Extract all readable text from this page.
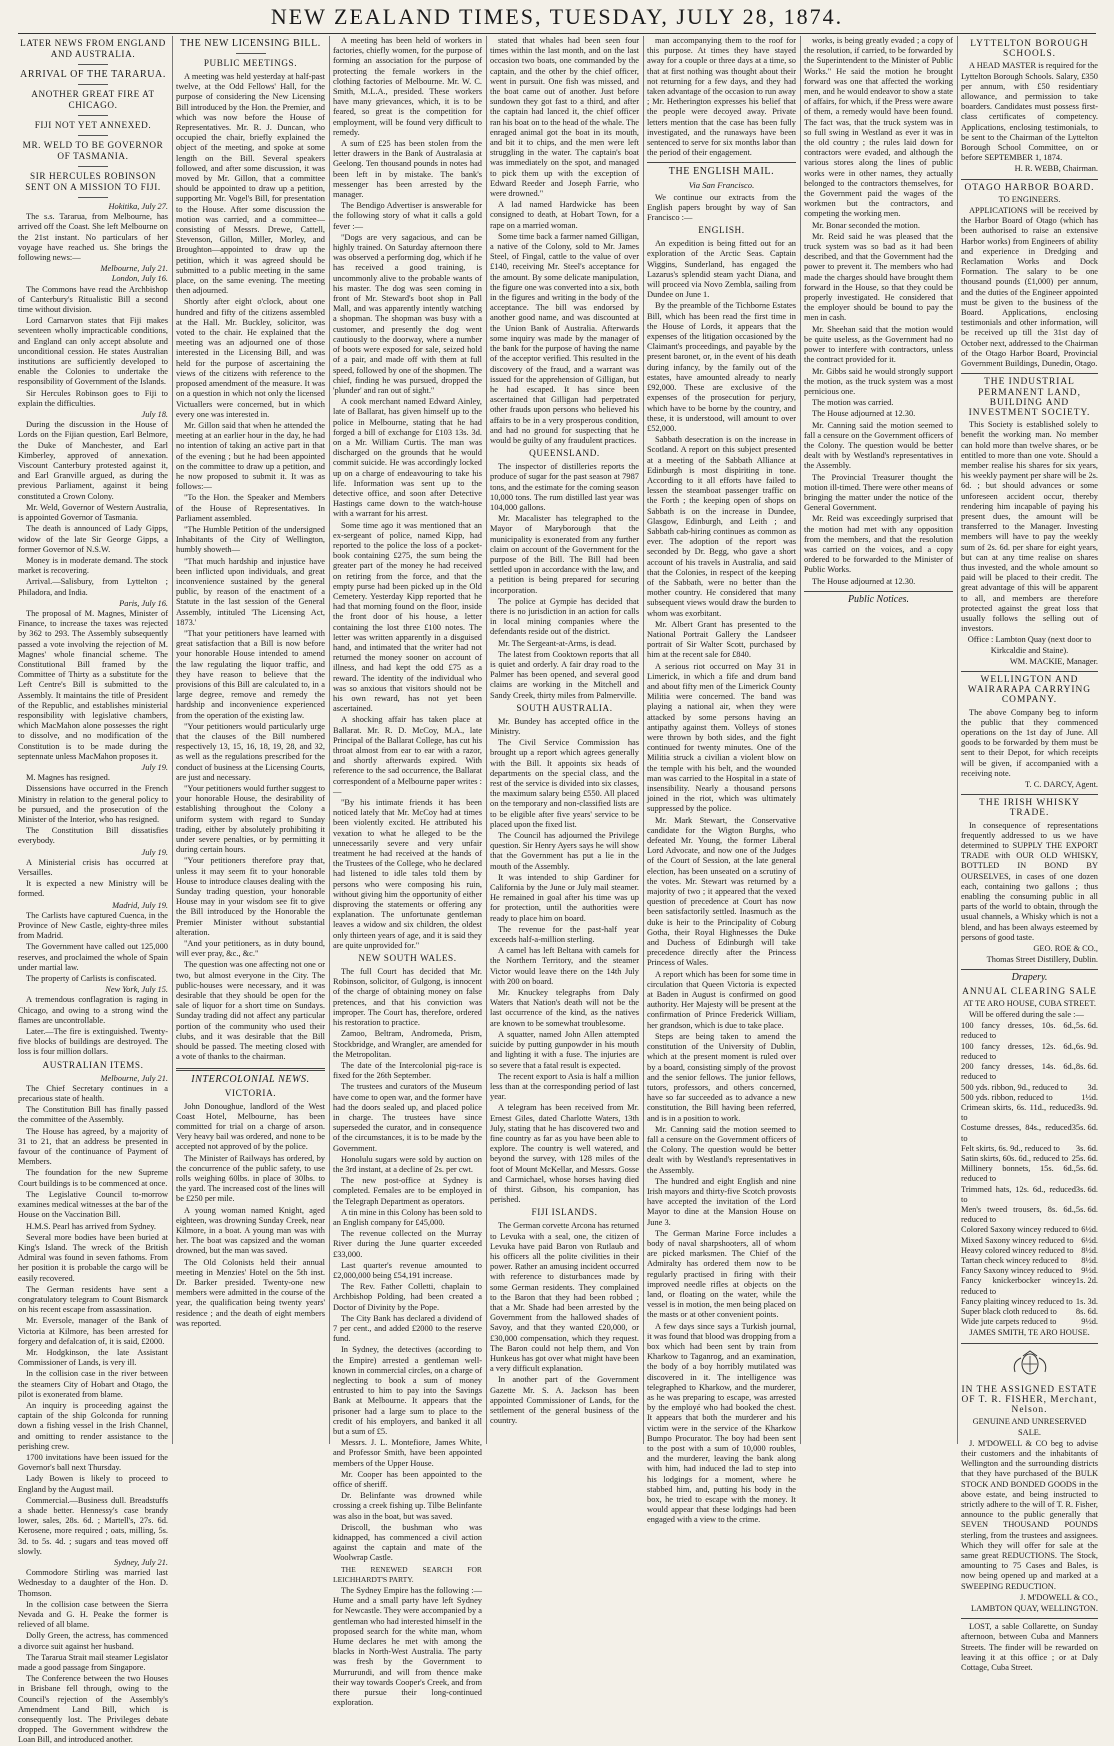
NEW ZEALAND TIMES, TUESDAY, JULY 28, 1874.
LATER NEWS FROM ENGLAND AND AUSTRALIA.
ARRIVAL OF THE TARARUA.
ANOTHER GREAT FIRE AT CHICAGO.
FIJI NOT YET ANNEXED.
MR. WELD TO BE GOVERNOR OF TASMANIA.
SIR HERCULES ROBINSON SENT ON A MISSION TO FIJI.

Hokitika, July 27.

The s.s. Tararua, from Melbourne, has arrived off the Coast. She left Melbourne on the 21st instant. No particulars of her voyage have reached us. She brings the following news:—

Melbourne, July 21.

London, July 16.

The Commons have read the Archbishop of Canterbury's Ritualistic Bill a second time without division.

Lord Carnarvon states that Fiji makes seventeen wholly impracticable conditions, and England can only accept absolute and unconditional cession. He states Australian institutions are sufficiently developed to enable the Colonies to undertake the responsibility of Government of the Islands.

Sir Hercules Robinson goes to Fiji to explain the difficulties.

July 18.

During the discussion in the House of Lords on the Fijian question, Earl Belmore, the Duke of Manchester, and Earl Kimberley, approved of annexation. Viscount Canterbury protested against it, and Earl Granville argued, as during the previous Parliament, against it being constituted a Crown Colony.

Mr. Weld, Governor of Western Australia, is appointed Governor of Tasmania.

The death is announced of Lady Gipps, widow of the late Sir George Gipps, a former Governor of N.S.W.

Money is in moderate demand. The stock market is recovering.

Arrival.—Salisbury, from Lyttelton ; Philadora, and India.

Paris, July 16.

The proposal of M. Magnes, Minister of Finance, to increase the taxes was rejected by 362 to 293. The Assembly subsequently passed a vote involving the rejection of M. Magnes' whole financial scheme. The Constitutional Bill framed by the Committee of Thirty as a substitute for the Left Centre's Bill is submitted to the Assembly. It maintains the title of President of the Republic, and establishes ministerial responsibility with legislative chambers, which MacMahon alone possesses the right to dissolve, and no modification of the Constitution is to be made during the septennate unless MacMahon proposes it.

July 19.

M. Magnes has resigned.

Dissensions have occurred in the French Ministry in relation to the general policy to be pursued, and the prosecution of the Minister of the Interior, who has resigned.

The Constitution Bill dissatisfies everybody.

July 19.

A Ministerial crisis has occurred at Versailles.

It is expected a new Ministry will be formed.

Madrid, July 19.

The Carlists have captured Cuenca, in the Province of New Castle, eighty-three miles from Madrid.

The Government have called out 125,000 reserves, and proclaimed the whole of Spain under martial law.

The property of Carlists is confiscated.

New York, July 15.

A tremendous conflagration is raging in Chicago, and owing to a strong wind the flames are uncontrollable.

Later.—The fire is extinguished. Twenty-five blocks of buildings are destroyed. The loss is four million dollars.

AUSTRALIAN ITEMS.

Melbourne, July 21.

The Chief Secretary continues in a precarious state of health.

The Constitution Bill has finally passed the committee of the Assembly.

The House has agreed, by a majority of 31 to 21, that an address be presented in favour of the continuance of Payment of Members.

The foundation for the new Supreme Court buildings is to be commenced at once.

The Legislative Council to-morrow examines medical witnesses at the bar of the House on the Vaccination Bill.

H.M.S. Pearl has arrived from Sydney.

Several more bodies have been buried at King's Island. The wreck of the British Admiral was found in seven fathoms. From her position it is probable the cargo will be easily recovered.

The German residents have sent a congratulatory telegram to Count Bismarck on his recent escape from assassination.

Mr. Eversole, manager of the Bank of Victoria at Kilmore, has been arrested for forgery and defalcation of, it is said, £2000.

Mr. Hodgkinson, the late Assistant Commissioner of Lands, is very ill.

In the collision case in the river between the steamers City of Hobart and Otago, the pilot is exonerated from blame.

An inquiry is proceeding against the captain of the ship Golconda for running down a fishing vessel in the Irish Channel, and omitting to render assistance to the perishing crew.

1700 invitations have been issued for the Governor's ball next Thursday.

Lady Bowen is likely to proceed to England by the August mail.

Commercial.—Business dull. Breadstuffs a shade better. Hennessy's case brandy lower, sales, 28s. 6d. ; Martell's, 27s. 6d. Kerosene, more required ; oats, milling, 5s. 3d. to 5s. 4d. ; sugars and teas moved off slowly.

Sydney, July 21.

Commodore Stirling was married last Wednesday to a daughter of the Hon. D. Thomson.

In the collision case between the Sierra Nevada and G. H. Peake the former is relieved of all blame.

Dolly Green, the actress, has commenced a divorce suit against her husband.

The Tararua Strait mail steamer Legislator made a good passage from Singapore.

The Conference between the two Houses in Brisbane fell through, owing to the Council's rejection of the Assembly's Amendment Land Bill, which is consequently lost. The Privileges debate dropped. The Government withdrew the Loan Bill, and introduced another.

THE NEW LICENSING BILL.
PUBLIC MEETINGS.

A meeting was held yesterday at half-past twelve, at the Odd Fellows' Hall, for the purpose of considering the New Licensing Bill introduced by the Hon. the Premier, and which was now before the House of Representatives. Mr. R. J. Duncan, who occupied the chair, briefly explained the object of the meeting, and spoke at some length on the Bill. Several speakers followed, and after some discussion, it was moved by Mr. Gillon, that a committee should be appointed to draw up a petition, supporting Mr. Vogel's Bill, for presentation to the House. After some discussion the motion was carried, and a committee—consisting of Messrs. Drewe, Cattell, Stevenson, Gillon, Miller, Morley, and Broughton—appointed to draw up the petition, which it was agreed should be submitted to a public meeting in the same place, on the same evening. The meeting then adjourned.

Shortly after eight o'clock, about one hundred and fifty of the citizens assembled at the Hall. Mr. Buckley, solicitor, was voted to the chair. He explained that the meeting was an adjourned one of those interested in the Licensing Bill, and was held for the purpose of ascertaining the views of the citizens with reference to the proposed amendment of the measure. It was on a question in which not only the licensed Victuallers were concerned, but in which every one was interested in.

Mr. Gillon said that when he attended the meeting at an earlier hour in the day, he had no intention of taking an active part in that of the evening ; but he had been appointed on the committee to draw up a petition, and he now proposed to submit it. It was as follows:—

"To the Hon. the Speaker and Members of the House of Representatives. In Parliament assembled.

"The Humble Petition of the undersigned Inhabitants of the City of Wellington, humbly showeth—

"That much hardship and injustice have been inflicted upon individuals, and great inconvenience sustained by the general public, by reason of the enactment of a Statute in the last session of the General Assembly, intituled 'The Licensing Act, 1873.'

"That your petitioners have learned with great satisfaction that a Bill is now before your honorable House intended to amend the law regulating the liquor traffic, and they have reason to believe that the provisions of this Bill are calculated to, in a large degree, remove and remedy the hardship and inconvenience experienced from the operation of the existing law.

"Your petitioners would particularly urge that the clauses of the Bill numbered respectively 13, 15, 16, 18, 19, 28, and 32, as well as the regulations prescribed for the conduct of business at the Licensing Courts, are just and necessary.

"Your petitioners would further suggest to your honorable House, the desirability of establishing throughout the Colony a uniform system with regard to Sunday trading, either by absolutely prohibiting it under severe penalties, or by permitting it during certain hours.

"Your petitioners therefore pray that, unless it may seem fit to your honorable House to introduce clauses dealing with the Sunday trading question, your honorable House may in your wisdom see fit to give the Bill introduced by the Honorable the Premier Minister without substantial alteration.

"And your petitioners, as in duty bound, will ever pray, &c., &c."

The question was one affecting not one or two, but almost everyone in the City. The public-houses were necessary, and it was desirable that they should be open for the sale of liquor for a short time on Sundays. Sunday trading did not affect any particular portion of the community who used their clubs, and it was desirable that the Bill should be passed. The meeting closed with a vote of thanks to the chairman.

INTERCOLONIAL NEWS.
VICTORIA.

John Donoughue, landlord of the West Coast Hotel, Melbourne, has been committed for trial on a charge of arson. Very heavy bail was ordered, and none to be accepted not approved of by the police.

The Minister of Railways has ordered, by the concurrence of the public safety, to use rolls weighing 60lbs. in place of 30lbs. to the yard. The increased cost of the lines will be £250 per mile.

A young woman named Knight, aged eighteen, was drowning Sunday Creek, near Kilmore, in a boat. A young man was with her. The boat was capsized and the woman drowned, but the man was saved.

The Old Colonists held their annual meeting in Menzies' Hotel on the 5th inst. Dr. Barker presided. Twenty-one new members were admitted in the course of the year, the qualification being twenty years' residence ; and the death of eight members was reported.

A meeting has been held of workers in factories, chiefly women, for the purpose of forming an association for the purpose of protecting the female workers in the clothing factories of Melbourne. Mr. W. C. Smith, M.L.A., presided. These workers have many grievances, which, it is to be feared, so great is the competition for employment, will be found very difficult to remedy.

A sum of £25 has been stolen from the letter drawers in the Bank of Australasia at Geelong. Ten thousand pounds in notes had been left in by mistake. The bank's messenger has been arrested by the manager.

The Bendigo Advertiser is answerable for the following story of what it calls a gold fever :—

"Dogs are very sagacious, and can be highly trained. On Saturday afternoon there was observed a performing dog, which if he has received a good training, is uncommonly alive to the probable wants of his master. The dog was seen coming in front of Mr. Steward's boot shop in Pall Mall, and was apparently intently watching a shopman. The shopman was busy with a customer, and presently the dog went cautiously to the doorway, where a number of boots were exposed for sale, seized hold of a pair, and made off with them at full speed, followed by one of the shopmen. The chief, finding he was pursued, dropped the 'plunder' and ran out of sight."

A cook merchant named Edward Ainley, late of Ballarat, has given himself up to the police in Melbourne, stating that he had forged a bill of exchange for £103 13s. 3d. on a Mr. William Curtis. The man was discharged on the grounds that he would commit suicide. He was accordingly locked up on a charge of endeavouring to take his life. Information was sent up to the detective office, and soon after Detective Hastings came down to the watch-house with a warrant for his arrest.

Some time ago it was mentioned that an ex-sergeant of police, named Kipp, had reported to the police the loss of a pocket-book containing £275, the sum being the greater part of the money he had received on retiring from the force, and that the empty purse had been picked up in the Old Cemetery. Yesterday Kipp reported that he had that morning found on the floor, inside the front door of his house, a letter containing the lost three £100 notes. The letter was written apparently in a disguised hand, and intimated that the writer had not returned the money sooner on account of illness, and had kept the odd £75 as a reward. The identity of the individual who was so anxious that visitors should not be his own reward, has not yet been ascertained.

A shocking affair has taken place at Ballarat. Mr. R. D. McCoy, M.A., late Principal of the Ballarat College, has cut his throat almost from ear to ear with a razor, and shortly afterwards expired. With reference to the sad occurrence, the Ballarat correspondent of a Melbourne paper writes :—

"By his intimate friends it has been noticed lately that Mr. McCoy had at times been violently excited. He attributed his vexation to what he alleged to be the unnecessarily severe and very unfair treatment he had received at the hands of the Trustees of the College, who he declared had listened to idle tales told them by persons who were composing his ruin, without giving him the opportunity of either disproving the statements or offering any explanation. The unfortunate gentleman leaves a widow and six children, the oldest only thirteen years of age, and it is said they are quite unprovided for."

NEW SOUTH WALES.

The full Court has decided that Mr. Robinson, solicitor, of Gulgong, is innocent of the charge of obtaining money on false pretences, and that his conviction was improper. The Court has, therefore, ordered his restoration to practice.

Zamoo, Beltram, Andromeda, Prism, Stockbridge, and Wrangler, are amended for the Metropolitan.

The date of the Intercolonial pig-race is fixed for the 26th September.

The trustees and curators of the Museum have come to open war, and the former have had the doors sealed up, and placed police in charge. The trustees have since superseded the curator, and in consequence of the circumstances, it is to be made by the Government.

Honolulu sugars were sold by auction on the 3rd instant, at a decline of 2s. per cwt.

The new post-office at Sydney is completed. Females are to be employed in the Telegraph Department as operators.

A tin mine in this Colony has been sold to an English company for £45,000.

The revenue collected on the Murray River during the June quarter exceeded £33,000.

Last quarter's revenue amounted to £2,000,000 being £54,191 increase.

The Rev. Father Colletti, chaplain to Archbishop Polding, had been created a Doctor of Divinity by the Pope.

The City Bank has declared a dividend of 7 per cent., and added £2000 to the reserve fund.

In Sydney, the detectives (according to the Empire) arrested a gentleman well-known in commercial circles, on a charge of neglecting to book a sum of money entrusted to him to pay into the Savings Bank at Melbourne. It appears that the prisoner had a large sum to place to the credit of his employers, and banked it all but a sum of £5.

Messrs. J. L. Montefiore, James White, and Professor Smith, have been appointed members of the Upper House.

Mr. Cooper has been appointed to the office of sheriff.

Dr. Belinfante was drowned while crossing a creek fishing up. Tilbe Belinfante was also in the boat, but was saved.

Driscoll, the bushman who was kidnapped, has commenced a civil action against the captain and mate of the Woolwrap Castle.

THE RENEWED SEARCH FOR LEICHHARDT'S PARTY.

The Sydney Empire has the following :— Hume and a small party have left Sydney for Newcastle. They were accompanied by a gentleman who had interested himself in the proposed search for the white man, whom Hume declares he met with among the blacks in North-West Australia. The party was fresh by the Government to Murrurundi, and will from thence make their way towards Cooper's Creek, and from there pursue their long-continued exploration.

stated that whales had been seen four times within the last month, and on the last occasion two boats, one commanded by the captain, and the other by the chief officer, went in pursuit. One fish was missed, and the boat came out of another. Just before sundown they got fast to a third, and after the captain had lanced it, the chief officer ran his boat on to the head of the whale. The enraged animal got the boat in its mouth, and bit it to chips, and the men were left struggling in the water. The captain's boat was immediately on the spot, and managed to pick them up with the exception of Edward Reeder and Joseph Farrie, who were drowned."

A lad named Hardwicke has been consigned to death, at Hobart Town, for a rape on a married woman.

Some time back a farmer named Gilligan, a native of the Colony, sold to Mr. James Steel, of Fingal, cattle to the value of over £140, receiving Mr. Steel's acceptance for the amount. By some delicate manipulation, the figure one was converted into a six, both in the figures and writing in the body of the acceptance. The bill was endorsed by another good name, and was discounted at the Union Bank of Australia. Afterwards some inquiry was made by the manager of the bank for the purpose of having the name of the acceptor verified. This resulted in the discovery of the fraud, and a warrant was issued for the apprehension of Gilligan, but he had escaped. It has since been ascertained that Gilligan had perpetrated other frauds upon persons who believed his affairs to be in a very prosperous condition, and had no ground for suspecting that he would be guilty of any fraudulent practices.

QUEENSLAND.

The inspector of distilleries reports the produce of sugar for the past season at 7987 tons, and the estimate for the coming season 10,000 tons. The rum distilled last year was 104,000 gallons.

Mr. Macalister has telegraphed to the Mayor of Maryborough that the municipality is exonerated from any further claim on account of the Government for the purpose of the Bill. The Bill had been settled upon in accordance with the law, and a petition is being prepared for securing incorporation.

The police at Gympie has decided that there is no jurisdiction in an action for calls in local mining companies where the defendants reside out of the district.

Mr. The Sergeant-at-Arms, is dead.

The latest from Cooktown reports that all is quiet and orderly. A fair dray road to the Palmer has been opened, and several good claims are working in the Mitchell and Sandy Creek, thirty miles from Palmerville.

SOUTH AUSTRALIA.

Mr. Bundey has accepted office in the Ministry.

The Civil Service Commission has brought up a report which agrees generally with the Bill. It appoints six heads of departments on the special class, and the rest of the service is divided into six classes, the maximum salary being £550. All placed on the temporary and non-classified lists are to be eligible after five years' service to be placed upon the fixed list.

The Council has adjourned the Privilege question. Sir Henry Ayers says he will show that the Government has put a lie in the mouth of the Assembly.

It was intended to ship Gardiner for California by the June or July mail steamer. He remained in goal after his time was up for protection, until the authorities were ready to place him on board.

The revenue for the past-half year exceeds half-a-million sterling.

A camel has left Beltana with camels for the Northern Territory, and the steamer Victor would leave there on the 14th July with 200 on board.

Mr. Knuckey telegraphs from Daly Waters that Nation's death will not be the last occurrence of the kind, as the natives are known to be somewhat troublesome.

A squatter, named John Allen attempted suicide by putting gunpowder in his mouth and lighting it with a fuse. The injuries are so severe that a fatal result is expected.

The recent export to Asia is half a million less than at the corresponding period of last year.

A telegram has been received from Mr. Ernest Giles, dated Charlotte Waters, 13th July, stating that he has discovered two and fine country as far as you have been able to explore. The country is well watered, and beyond the survey, with 128 miles of the foot of Mount McKellar, and Messrs. Gosse and Carmichael, whose horses having died of thirst. Gibson, his companion, has perished.

FIJI ISLANDS.

The German corvette Arcona has returned to Levuka with a seal, one, the citizen of Levuka have paid Baron von Rutlaub and his officers all the polite civilities in their power. Rather an amusing incident occurred with reference to disturbances made by some German residents. They complained to the Baron that they had been robbed ; that a Mr. Shade had been arrested by the Government from the hallowed shades of Savoy, and that they wanted £20,000, or £30,000 compensation, which they request. The Baron could not help them, and Von Hunkeus has got over what might have been a very difficult explanation.

In another part of the Government Gazette Mr. S. A. Jackson has been appointed Commissioner of Lands, for the settlement of the general business of the country.

man accompanying them to the roof for this purpose. At times they have stayed away for a couple or three days at a time, so that at first nothing was thought about their not returning for a few days, and they had taken advantage of the occasion to run away ; Mr. Hetherington expresses his belief that the people were decoyed away. Private letters mention that the case has been fully investigated, and the runaways have been sentenced to serve for six months labor than the period of their engagement.

THE ENGLISH MAIL.
Via San Francisco.

We continue our extracts from the English papers brought by way of San Francisco :—

ENGLISH.

An expedition is being fitted out for an exploration of the Arctic Seas. Captain Wiggins, Sunderland, has engaged the Lazarus's splendid steam yacht Diana, and will proceed via Novo Zembla, sailing from Dundee on June 1.

By the preamble of the Tichborne Estates Bill, which has been read the first time in the House of Lords, it appears that the expenses of the litigation occasioned by the Claimant's proceedings, and payable by the present baronet, or, in the event of his death during infancy, by the family out of the estates, have amounted already to nearly £92,000. These are exclusive of the expenses of the prosecution for perjury, which have to be borne by the country, and these, it is understood, will amount to over £52,000.

Sabbath desecration is on the increase in Scotland. A report on this subject presented at a meeting of the Sabbath Alliance at Edinburgh is most dispiriting in tone. According to it all efforts have failed to lessen the steamboat passenger traffic on the Forth ; the keeping open of shops on Sabbath is on the increase in Dundee, Glasgow, Edinburgh, and Leith ; and Sabbath cab-hiring continues as common as ever. The adoption of the report was seconded by Dr. Begg, who gave a short account of his travels in Australia, and said that the Colonies, in respect of the keeping of the Sabbath, were no better than the mother country. He considered that many subsequent views would draw the burden to whom was exorbitant.

Mr. Albert Grant has presented to the National Portrait Gallery the Landseer portrait of Sir Walter Scott, purchased by him at the recent sale for £840.

A serious riot occurred on May 31 in Limerick, in which a fife and drum band and about fifty men of the Limerick County Militia were concerned. The band was playing a national air, when they were attacked by some persons having an antipathy against them. Volleys of stones were thrown by both sides, and the fight continued for twenty minutes. One of the Militia struck a civilian a violent blow on the temple with his belt, and the wounded man was carried to the Hospital in a state of insensibility. Nearly a thousand persons joined in the riot, which was ultimately suppressed by the police.

Mr. Mark Stewart, the Conservative candidate for the Wigton Burghs, who defeated Mr. Young, the former Liberal Lord Advocate, and now one of the Judges of the Court of Session, at the late general election, has been unseated on a scrutiny of the votes. Mr. Stewart was returned by a majority of two ; it appeared that the vexed question of precedence at Court has now been satisfactorily settled. Inasmuch as the duke is heir to the Principality of Coburg Gotha, their Royal Highnesses the Duke and Duchess of Edinburgh will take precedence directly after the Princess Princess of Wales.

A report which has been for some time in circulation that Queen Victoria is expected at Baden in August is confirmed on good authority. Her Majesty will be present at the confirmation of Prince Frederick William, her grandson, which is due to take place.

Steps are being taken to amend the constitution of the University of Dublin, which at the present moment is ruled over by a board, consisting simply of the provost and the senior fellows. The junior fellows, tutors, professors, and others concerned, have so far succeeded as to advance a new constitution, the Bill having been referred, and is in a position to work.

Mr. Canning said the motion seemed to fall a censure on the Government officers of the Colony. The question would be better dealt with by Westland's representatives in the Assembly.

The hundred and eight English and nine Irish mayors and thirty-five Scotch provosts have accepted the invitation of the Lord Mayor to dine at the Mansion House on June 3.

The German Marine Force includes a body of naval sharpshooters, all of whom are picked marksmen. The Chief of the Admiralty has ordered them now to be regularly practised in firing with their improved needle rifles at objects on the land, or floating on the water, while the vessel is in motion, the men being placed on the masts or at other convenient points.

A few days since says a Turkish journal, it was found that blood was dropping from a box which had been sent by train from Kharkow to Taganrog, and an examination, the body of a boy horribly mutilated was discovered in it. The intelligence was telegraphed to Kharkow, and the murderer, as he was preparing to escape, was arrested by the employé who had booked the chest. It appears that both the murderer and his victim were in the service of the Kharkow Bumpo Procurator. The boy had been sent to the post with a sum of 10,000 roubles, and the murderer, leaving the bank along with him, had induced the lad to step into his lodgings for a moment, where he stabbed him, and, putting his body in the box, he tried to escape with the money. It would appear that these lodgings had been engaged with a view to the crime.

works, is being greatly evaded ; a copy of the resolution, if carried, to be forwarded by the Superintendent to the Minister of Public Works." He said the motion he brought forward was one that affected the working men, and he would endeavor to show a state of affairs, for which, if the Press were aware of them, a remedy would have been found. The fact was, that the truck system was in so full swing in Westland as ever it was in the old country ; the rules laid down for contractors were evaded, and although the various stores along the lines of public works were in other names, they actually belonged to the contractors themselves, for the Government paid the wages of the workmen but the contractors, and competing the working men.

Mr. Bonar seconded the motion.

Mr. Reid said he was pleased that the truck system was so bad as it had been described, and that the Government had the power to prevent it. The members who had made the charges should have brought them forward in the House, so that they could be properly investigated. He considered that the employer should be bound to pay the men in cash.

Mr. Sheehan said that the motion would be quite useless, as the Government had no power to interfere with contractors, unless the contract provided for it.

Mr. Gibbs said he would strongly support the motion, as the truck system was a most pernicious one.

The motion was carried.

The House adjourned at 12.30.

Mr. Canning said the motion seemed to fall a censure on the Government officers of the Colony. The question would be better dealt with by Westland's representatives in the Assembly.

The Provincial Treasurer thought the motion ill-timed. There were other means of bringing the matter under the notice of the General Government.

Mr. Reid was exceedingly surprised that the motion had met with any opposition from the members, and that the resolution was carried on the voices, and a copy ordered to be forwarded to the Minister of Public Works.

The House adjourned at 12.30.

Public Notices.
LYTTELTON BOROUGH SCHOOLS.

A HEAD MASTER is required for the Lyttelton Borough Schools. Salary, £350 per annum, with £50 residentiary allowance, and permission to take boarders. Candidates must possess first-class certificates of competency. Applications, enclosing testimonials, to be sent to the Chairman of the Lyttelton Borough School Committee, on or before SEPTEMBER 1, 1874.

H. R. WEBB, Chairman.

OTAGO HARBOR BOARD.
TO ENGINEERS.

APPLICATIONS will be received by the Harbor Board of Otago (which has been authorised to raise an extensive Harbor works) from Engineers of ability and experience in Dredging and Reclamation Works and Dock Formation. The salary to be one thousand pounds (£1,000) per annum, and the duties of the Engineer appointed must be given to the business of the Board. Applications, enclosing testimonials and other information, will be received up till the 31st day of October next, addressed to the Chairman of the Otago Harbor Board, Provincial Government Buildings, Dunedin, Otago.

THE INDUSTRIAL PERMANENT LAND, BUILDING AND INVESTMENT SOCIETY.

This Society is established solely to benefit the working man. No member can hold more than twelve shares, or be entitled to more than one vote. Should a member realise his shares for six years, his weekly payment per share will be 2s. 6d. ; but should advances or some unforeseen accident occur, thereby rendering him incapable of paying his present dues, the amount will be transferred to the Manager. Investing members will have to pay the weekly sum of 2s. 6d. per share for eight years, but can at any time realise on shares thus invested, and the whole amount so paid will be placed to their credit. The great advantage of this will be apparent to all, and members are therefore protected against the great loss that usually follows the selling out of investors.

Office : Lambton Quay (next door to Kirkcaldie and Staine).

WM. MACKIE, Manager.

WELLINGTON AND WAIRARAPA CARRYING COMPANY.

The above Company beg to inform the public that they commenced operations on the 1st day of June. All goods to be forwarded by them must be sent to their Depot, for which receipts will be given, if accompanied with a receiving note.

T. C. DARCY, Agent.

THE IRISH WHISKY TRADE.

In consequence of representations frequently addressed to us we have determined to SUPPLY THE EXPORT TRADE with OUR OLD WHISKY, BOTTLED IN BOND BY OURSELVES, in cases of one dozen each, containing two gallons ; thus enabling the consuming public in all parts of the world to obtain, through the usual channels, a Whisky which is not a blend, and has been always esteemed by persons of good taste.

GEO. ROE & CO.,

Thomas Street Distillery, Dublin.

Drapery.
ANNUAL CLEARING SALE
AT TE ARO HOUSE, CUBA STREET.

Will be offered during the sale :—

100 fancy dresses, 10s. 6d., reduced to
5s. 6d.

100 fancy dresses, 12s. 6d., reduced to
6s. 9d.

200 fancy dresses, 14s. 6d., reduced to
8s. 6d.

500 yds. ribbon, 9d., reduced to	3d.

500 yds. ribbon, reduced to	1½d.

Crimean skirts, 6s. 11d., reduced to
3s. 9d.

Costume dresses, 84s., reduced to
35s. 6d.

Felt skirts, 6s. 9d., reduced to	3s. 6d.

Satin skirts, 60s. 6d., reduced to 25s. 6d.

Millinery bonnets, 15s. 6d., reduced to
5s. 6d.

Trimmed hats, 12s. 6d., reduced to
3s. 6d.

Men's tweed trousers, 8s. 6d., reduced to
5s. 6d.

Colored Saxony wincey reduced to 6½d.

Mixed Saxony wincey reduced to 6½d.

Heavy colored wincey reduced to 8½d.

Tartan check wincey reduced to	8½d.

Fancy Saxony wincey reduced to	9½d.

Fancy knickerbocker wincey reduced to
1s. 2d.

Fancy plaiting wincey reduced to 1s. 3d.

Super black cloth reduced to	8s. 6d.

Wide jute carpets reduced to	9½d.

JAMES SMITH, TE ARO HOUSE.

IN THE ASSIGNED ESTATE OF T. R. FISHER, Merchant, Nelson.
GENUINE AND UNRESERVED SALE.

J. M'DOWELL & CO beg to advise their customers and the inhabitants of Wellington and the surrounding districts that they have purchased of the BULK STOCK AND BONDED GOODS in the above estate, and being instructed to strictly adhere to the will of T. R. Fisher, announce to the public generally that SEVEN THOUSAND POUNDS sterling, from the trustees and assignees. Which they will offer for sale at the same great REDUCTIONS. The Stock, amounting to 75 Cases and Bales, is now being opened up and marked at a SWEEPING REDUCTION.

J. M'DOWELL & CO.,

LAMBTON QUAY, WELLINGTON.

LOST, a sable Collarette, on Sunday afternoon, between Cuba and Manners Streets. The finder will be rewarded on leaving it at this office ; or at Daly Cottage, Cuba Street.
